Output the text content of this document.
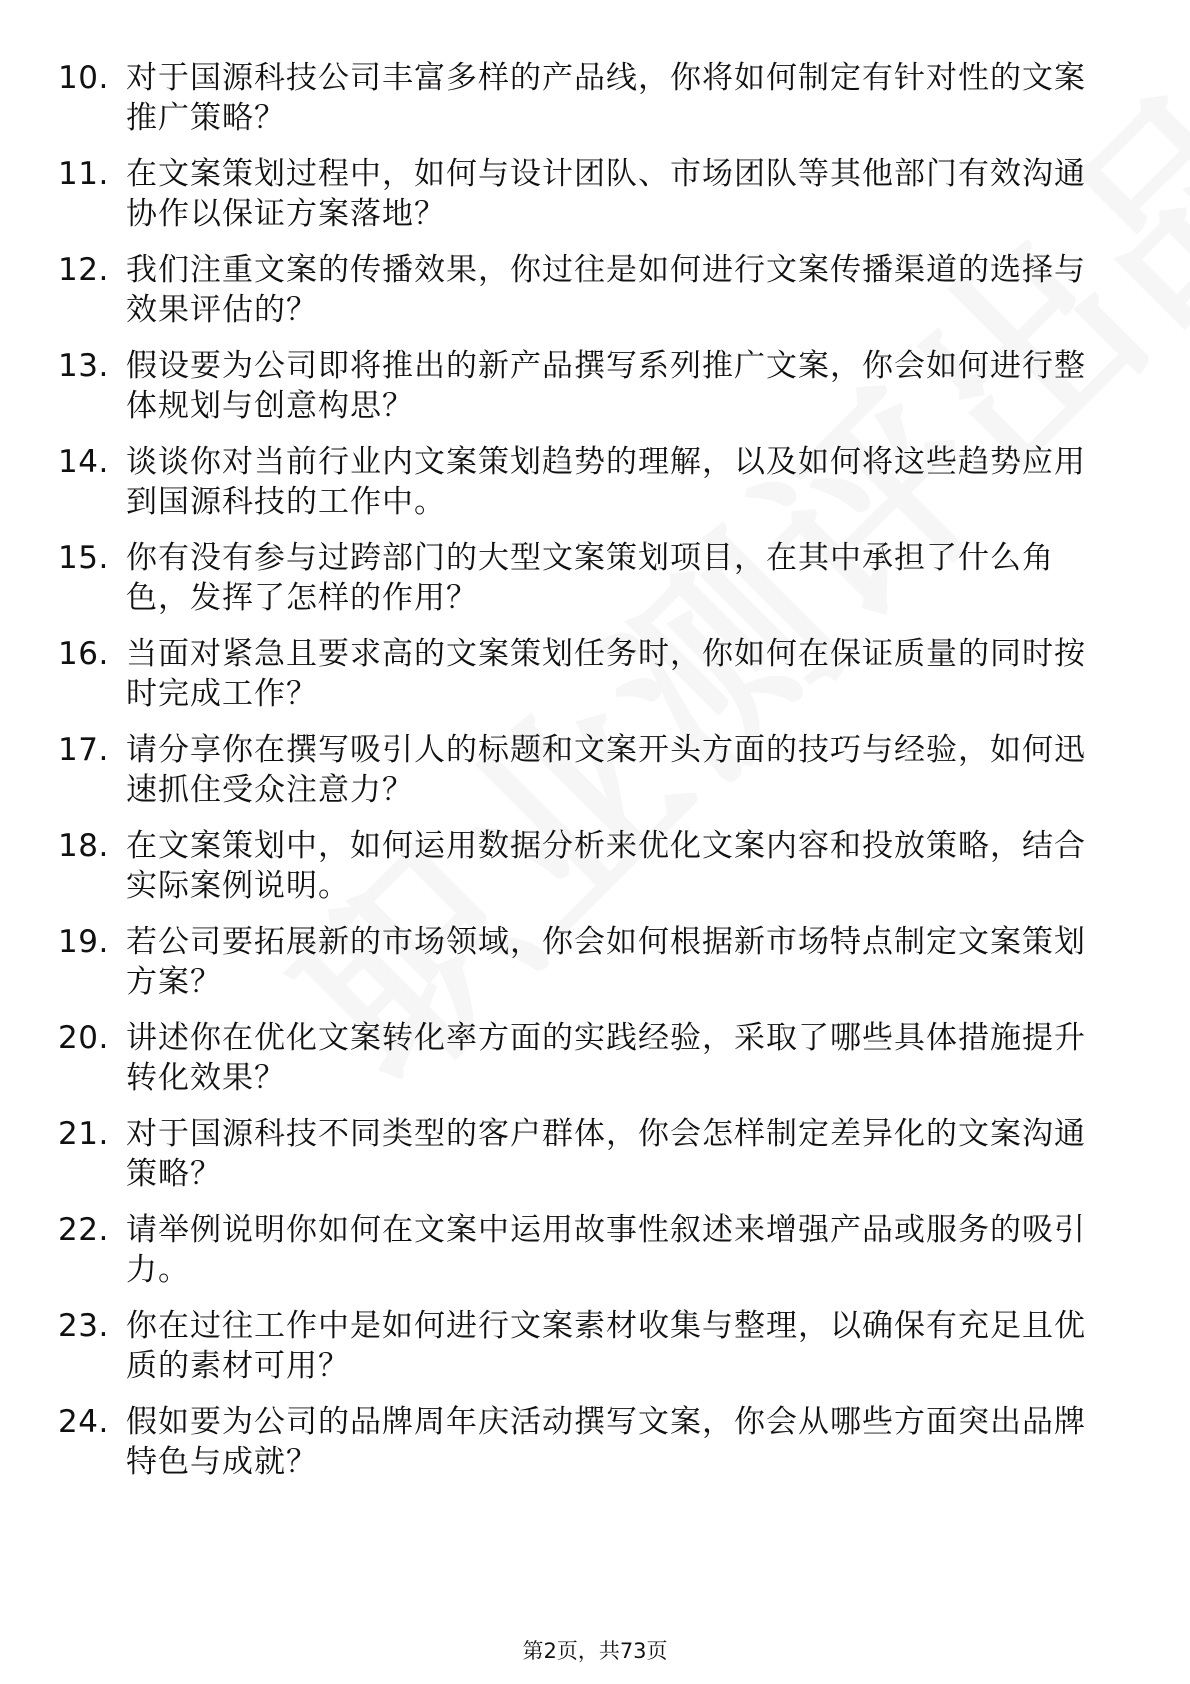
10. 对于国源科技公司丰富多样的产品线，你将如何制定有针对性的文案推广策略？
11. 在文案策划过程中，如何与设计团队、市场团队等其他部门有效沟通协作以保证方案落地？
12. 我们注重文案的传播效果，你过往是如何进行文案传播渠道的选择与效果评估的？
13. 假设要为公司即将推出的新产品撰写系列推广文案，你会如何进行整体规划与创意构思？
14. 谈谈你对当前行业内文案策划趋势的理解，以及如何将这些趋势应用到国源科技的工作中。
15. 你有没有参与过跨部门的大型文案策划项目，在其中承担了什么角色，发挥了怎样的作用？
16. 当面对紧急且要求高的文案策划任务时，你如何在保证质量的同时按时完成工作？
17. 请分享你在撰写吸引人的标题和文案开头方面的技巧与经验，如何迅速抓住受众注意力？
18. 在文案策划中，如何运用数据分析来优化文案内容和投放策略，结合实际案例说明。
19. 若公司要拓展新的市场领域，你会如何根据新市场特点制定文案策划方案？
20. 讲述你在优化文案转化率方面的实践经验，采取了哪些具体措施提升转化效果？
21. 对于国源科技不同类型的客户群体，你会怎样制定差异化的文案沟通策略？
22. 请举例说明你如何在文案中运用故事性叙述来增强产品或服务的吸引力。
23. 你在过往工作中是如何进行文案素材收集与整理，以确保有充足且优质的素材可用？
24. 假如要为公司的品牌周年庆活动撰写文案，你会从哪些方面突出品牌特色与成就？
第2页，共73页
